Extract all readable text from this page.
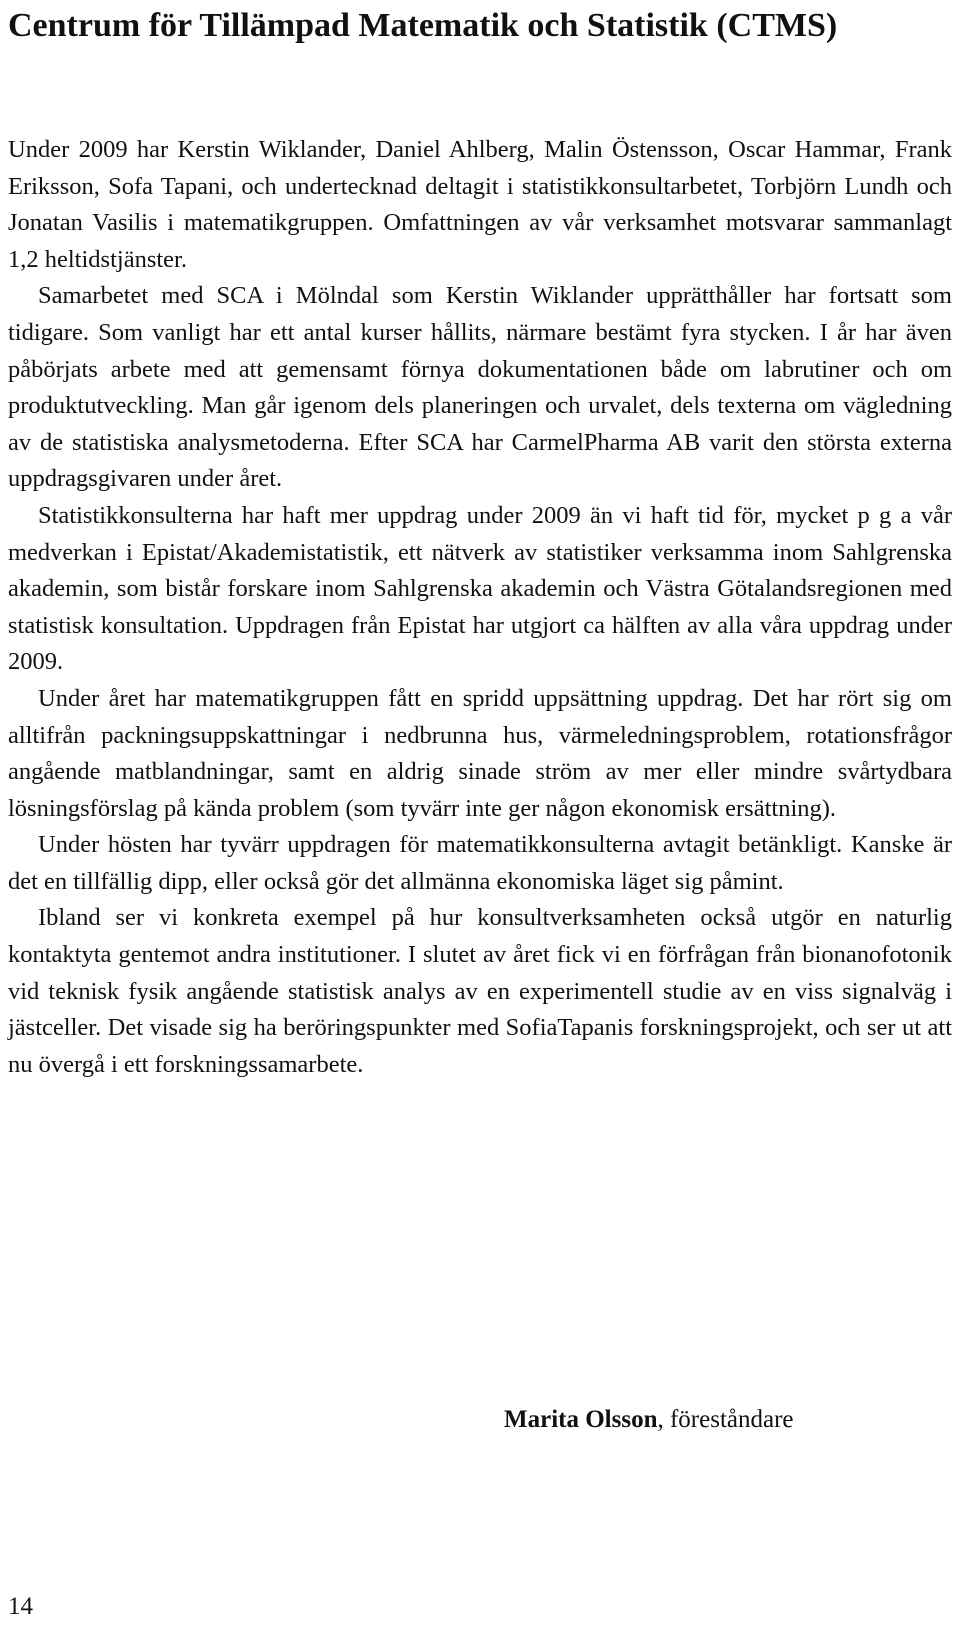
Centrum för Tillämpad Matematik och Statistik (CTMS)

Under 2009 har Kerstin Wiklander, Daniel Ahlberg, Malin Östensson, Oscar Hammar, Frank Eriksson, Sofa Tapani, och undertecknad deltagit i statistikkonsultarbetet, Torbjörn Lundh och Jonatan Vasilis i matematikgruppen. Omfattningen av vår verksamhet motsvarar sammanlagt 1,2 heltidstjänster.

Samarbetet med SCA i Mölndal som Kerstin Wiklander upprätthåller har fortsatt som tidigare. Som vanligt har ett antal kurser hållits, närmare bestämt fyra stycken. I år har även påbörjats arbete med att gemensamt förnya dokumentationen både om labrutiner och om produktutveckling. Man går igenom dels planeringen och urvalet, dels texterna om vägledning av de statistiska analysmetoderna. Efter SCA har CarmelPharma AB varit den största externa uppdragsgivaren under året.

Statistikkonsulterna har haft mer uppdrag under 2009 än vi haft tid för, mycket p g a vår medverkan i Epistat/Akademistatistik, ett nätverk av statistiker verksamma inom Sahlgrenska akademin, som bistår forskare inom Sahlgrenska akademin och Västra Götalandsregionen med statistisk konsultation. Uppdragen från Epistat har utgjort ca hälften av alla våra uppdrag under 2009.

Under året har matematikgruppen fått en spridd uppsättning uppdrag. Det har rört sig om alltifrån packningsuppskattningar i nedbrunna hus, värmeledningsproblem, rotationsfrågor angående matblandningar, samt en aldrig sinade ström av mer eller mindre svårtydbara lösningsförslag på kända problem (som tyvärr inte ger någon ekonomisk ersättning).

Under hösten har tyvärr uppdragen för matematikkonsulterna avtagit betänkligt. Kanske är det en tillfällig dipp, eller också gör det allmänna ekonomiska läget sig påmint.

Ibland ser vi konkreta exempel på hur konsultverksamheten också utgör en naturlig kontaktyta gentemot andra institutioner. I slutet av året fick vi en förfrågan från bionanofotonik vid teknisk fysik angående statistisk analys av en experimentell studie av en viss signalväg i jästceller. Det visade sig ha beröringspunkter med SofiaTapanis forskningsprojekt, och ser ut att nu övergå i ett forskningssamarbete.

Marita Olsson, föreståndare
14
